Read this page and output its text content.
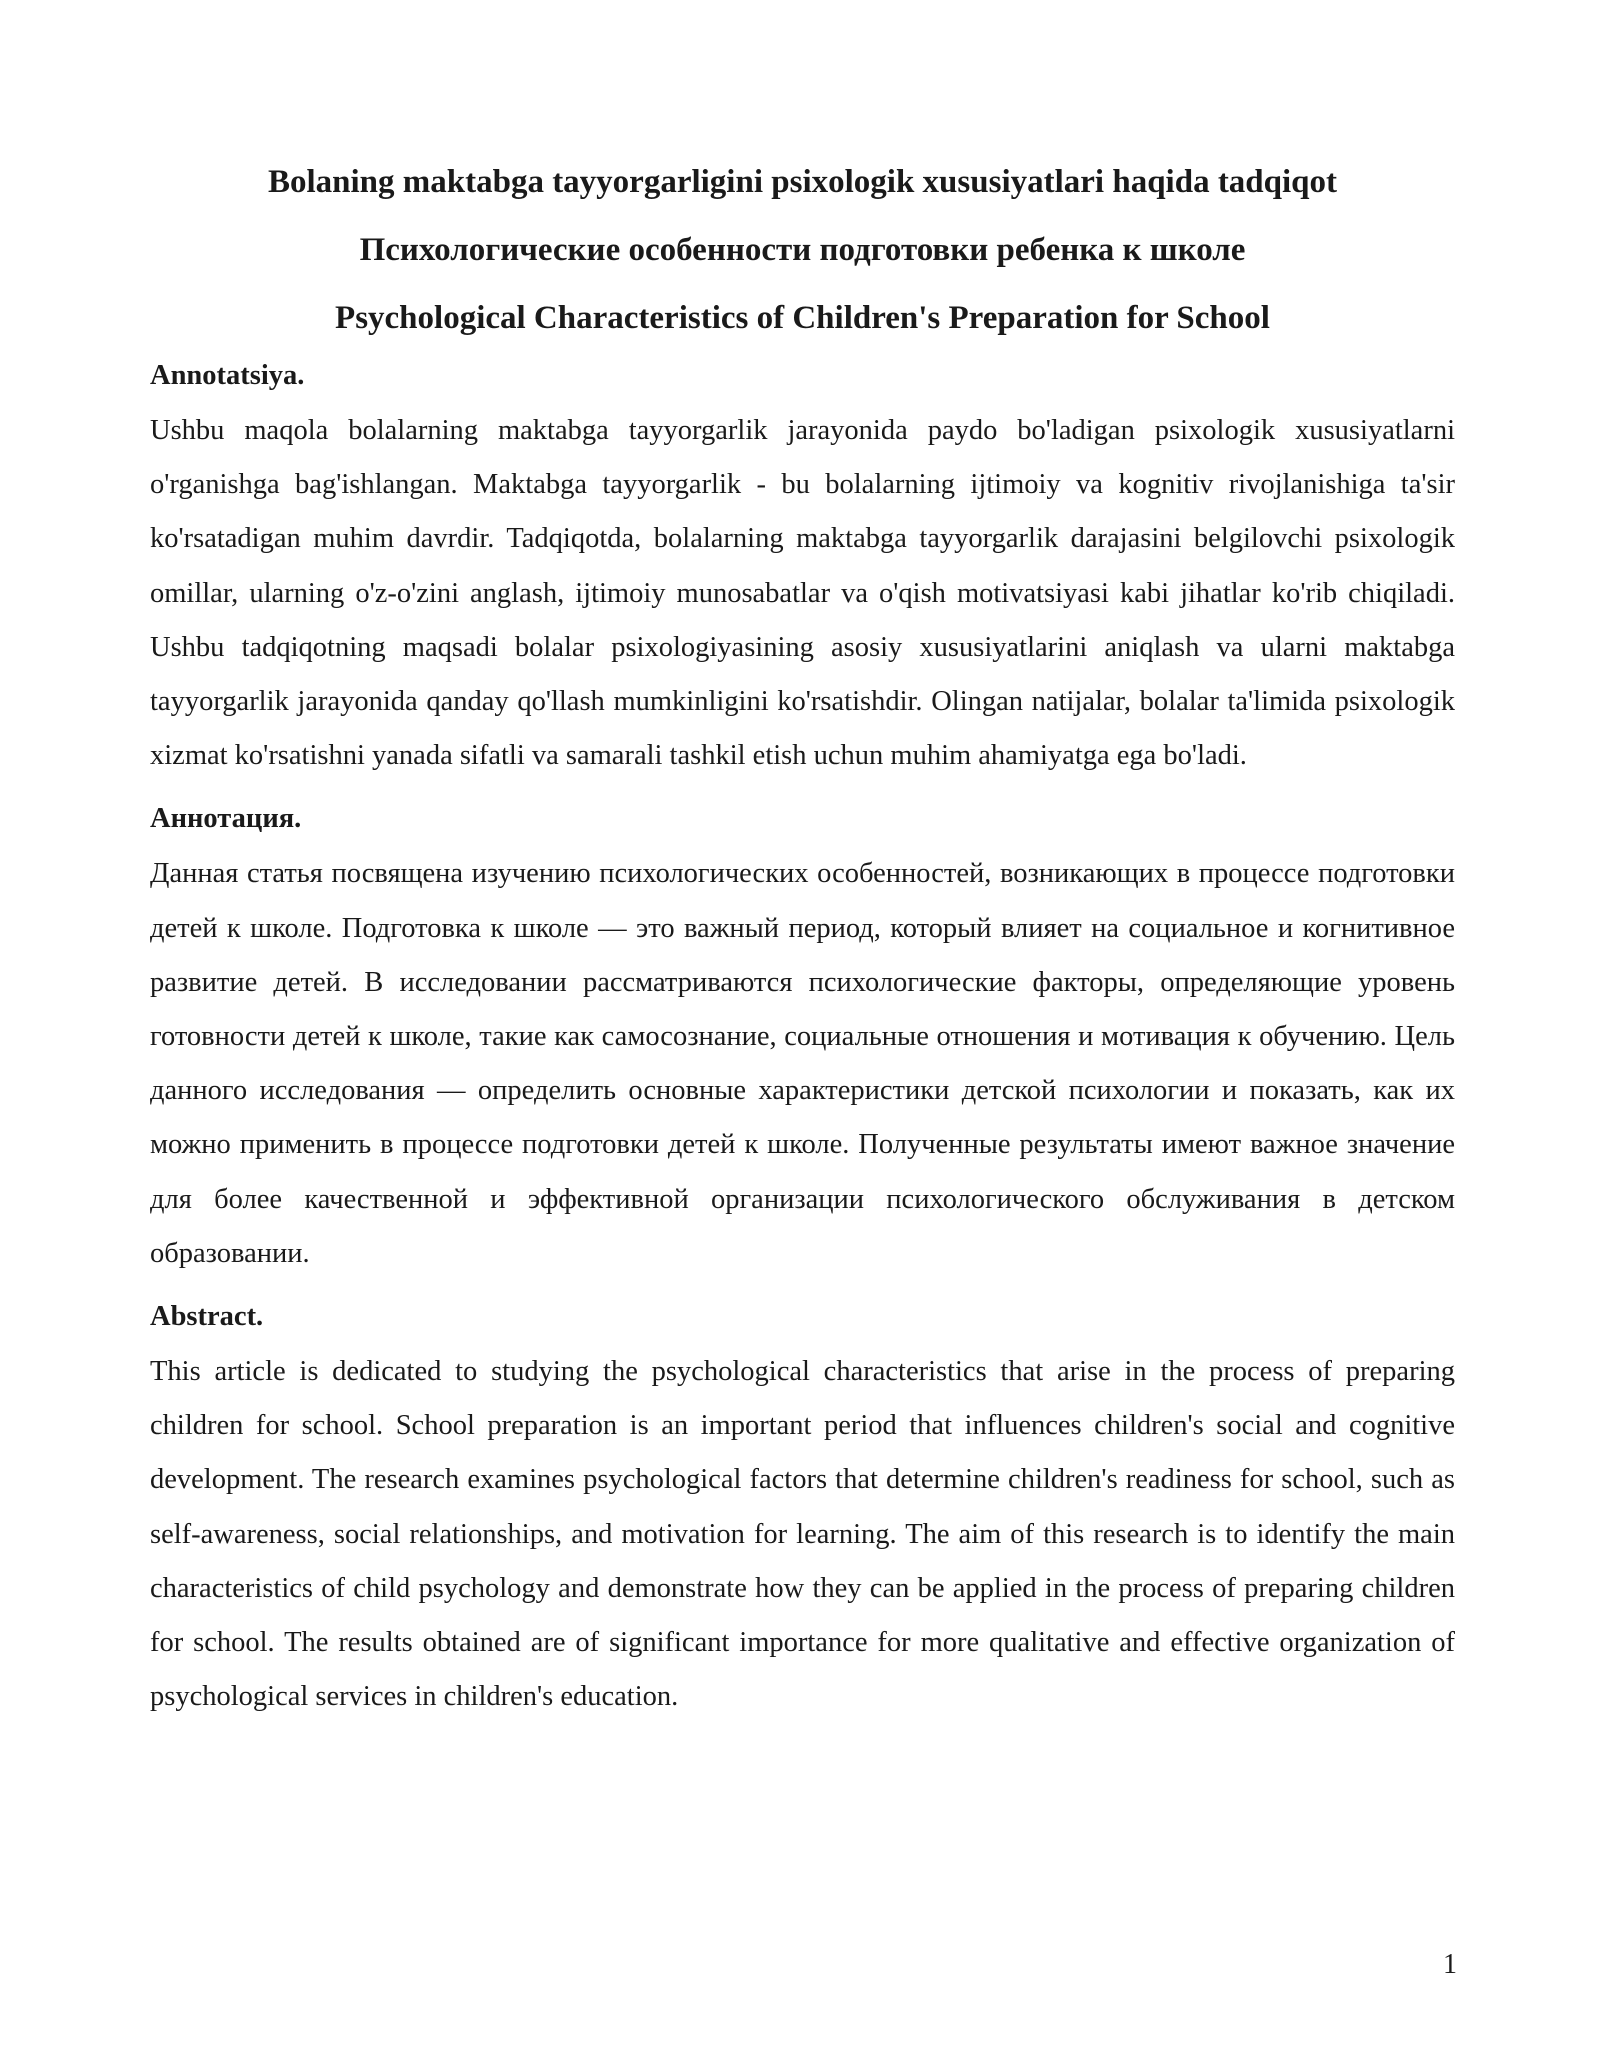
Bolaning maktabga tayyorgarligini psixologik xususiyatlari haqida tadqiqot

Психологические особенности подготовки ребенка к школе

Psychological Characteristics of Children's Preparation for School

Annotatsiya.

Ushbu maqola bolalarning maktabga tayyorgarlik jarayonida paydo bo'ladigan psixologik xususiyatlarni o'rganishga bag'ishlangan. Maktabga tayyorgarlik - bu bolalarning ijtimoiy va kognitiv rivojlanishiga ta'sir ko'rsatadigan muhim davrdir. Tadqiqotda, bolalarning maktabga tayyorgarlik darajasini belgilovchi psixologik omillar, ularning o'z-o'zini anglash, ijtimoiy munosabatlar va o'qish motivatsiyasi kabi jihatlar ko'rib chiqiladi. Ushbu tadqiqotning maqsadi bolalar psixologiyasining asosiy xususiyatlarini aniqlash va ularni maktabga tayyorgarlik jarayonida qanday qo'llash mumkinligini ko'rsatishdir. Olingan natijalar, bolalar ta'limida psixologik xizmat ko'rsatishni yanada sifatli va samarali tashkil etish uchun muhim ahamiyatga ega bo'ladi.

Аннотация.

Данная статья посвящена изучению психологических особенностей, возникающих в процессе подготовки детей к школе. Подготовка к школе — это важный период, который влияет на социальное и когнитивное развитие детей. В исследовании рассматриваются психологические факторы, определяющие уровень готовности детей к школе, такие как самосознание, социальные отношения и мотивация к обучению. Цель данного исследования — определить основные характеристики детской психологии и показать, как их можно применить в процессе подготовки детей к школе. Полученные результаты имеют важное значение для более качественной и эффективной организации психологического обслуживания в детском образовании.

Abstract.

This article is dedicated to studying the psychological characteristics that arise in the process of preparing children for school. School preparation is an important period that influences children's social and cognitive development. The research examines psychological factors that determine children's readiness for school, such as self-awareness, social relationships, and motivation for learning. The aim of this research is to identify the main characteristics of child psychology and demonstrate how they can be applied in the process of preparing children for school. The results obtained are of significant importance for more qualitative and effective organization of psychological services in children's education.

1
